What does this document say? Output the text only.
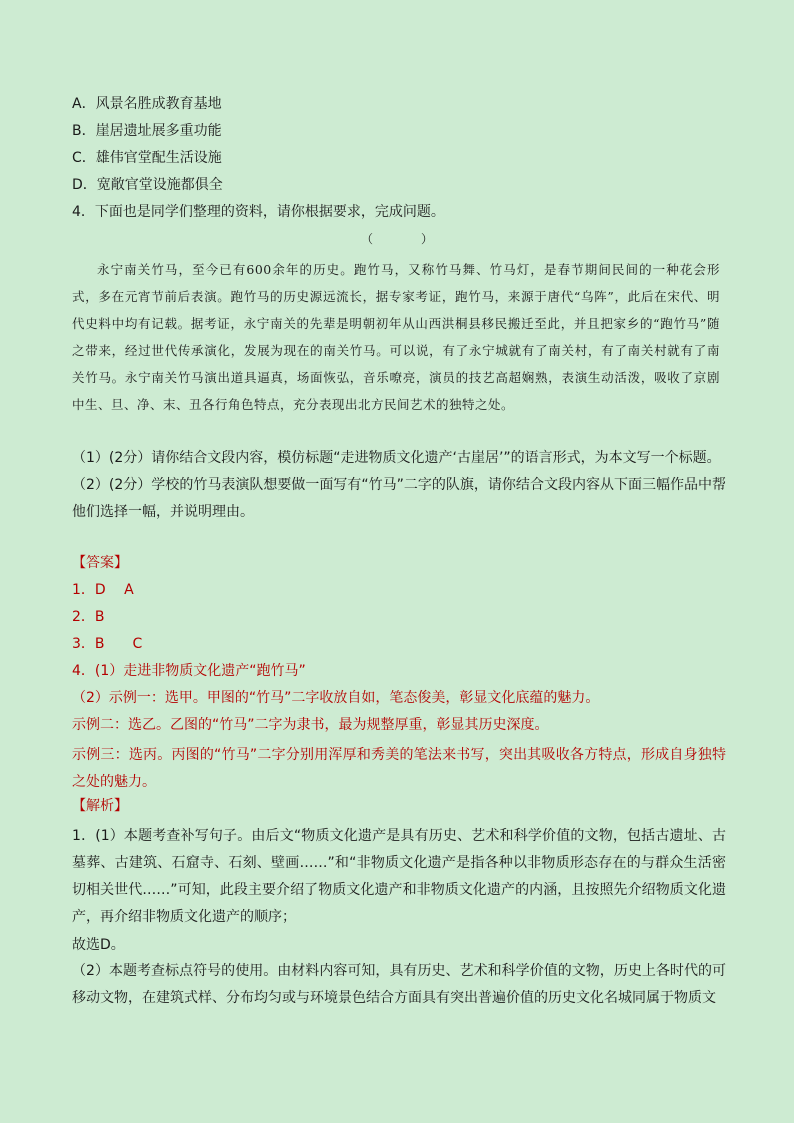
A．风景名胜成教育基地
B．崖居遗址展多重功能
C．雄伟官堂配生活设施
D．宽敞官堂设施都俱全
4．下面也是同学们整理的资料，请你根据要求，完成问题。
（　　　　）

永宁南关竹马，至今已有600余年的历史。跑竹马，又称竹马舞、竹马灯，是春节期间民间的一种花会形式，多在元宵节前后表演。跑竹马的历史源远流长，据专家考证，跑竹马，来源于唐代“乌阵”，此后在宋代、明代史料中均有记载。据考证，永宁南关的先辈是明朝初年从山西洪桐县移民搬迁至此，并且把家乡的“跑竹马”随之带来，经过世代传承演化，发展为现在的南关竹马。可以说，有了永宁城就有了南关村，有了南关村就有了南关竹马。永宁南关竹马演出道具逼真，场面恢弘，音乐嘹亮，演员的技艺高超娴熟，表演生动活泼，吸收了京剧中生、旦、净、末、丑各行角色特点，充分表现出北方民间艺术的独特之处。

（1）(2分）请你结合文段内容，模仿标题“走进物质文化遗产‘古崖居’”的语言形式，为本文写一个标题。
（2）(2分）学校的竹马表演队想要做一面写有“竹马”二字的队旗，请你结合文段内容从下面三幅作品中帮他们选择一幅，并说明理由。
【答案】
1．D　 A
2．B
3．B　　C
4．(1）走进非物质文化遗产“跑竹马”
（2）示例一：选甲。甲图的“竹马”二字收放自如，笔态俊美，彰显文化底蕴的魅力。
示例二：选乙。乙图的“竹马”二字为隶书，最为规整厚重，彰显其历史深度。
示例三：选丙。丙图的“竹马”二字分别用浑厚和秀美的笔法来书写，突出其吸收各方特点，形成自身独特之处的魅力。
【解析】
1．(1）本题考查补写句子。由后文“物质文化遗产是具有历史、艺术和科学价值的文物，包括古遗址、古墓葬、古建筑、石窟寺、石刻、壁画……”和“非物质文化遗产是指各种以非物质形态存在的与群众生活密切相关世代……”可知，此段主要介绍了物质文化遗产和非物质文化遗产的内涵，且按照先介绍物质文化遗产，再介绍非物质文化遗产的顺序；
故选D。
（2）本题考查标点符号的使用。由材料内容可知，具有历史、艺术和科学价值的文物，历史上各时代的可移动文物，在建筑式样、分布均匀或与环境景色结合方面具有突出普遍价值的历史文化名城同属于物质文
